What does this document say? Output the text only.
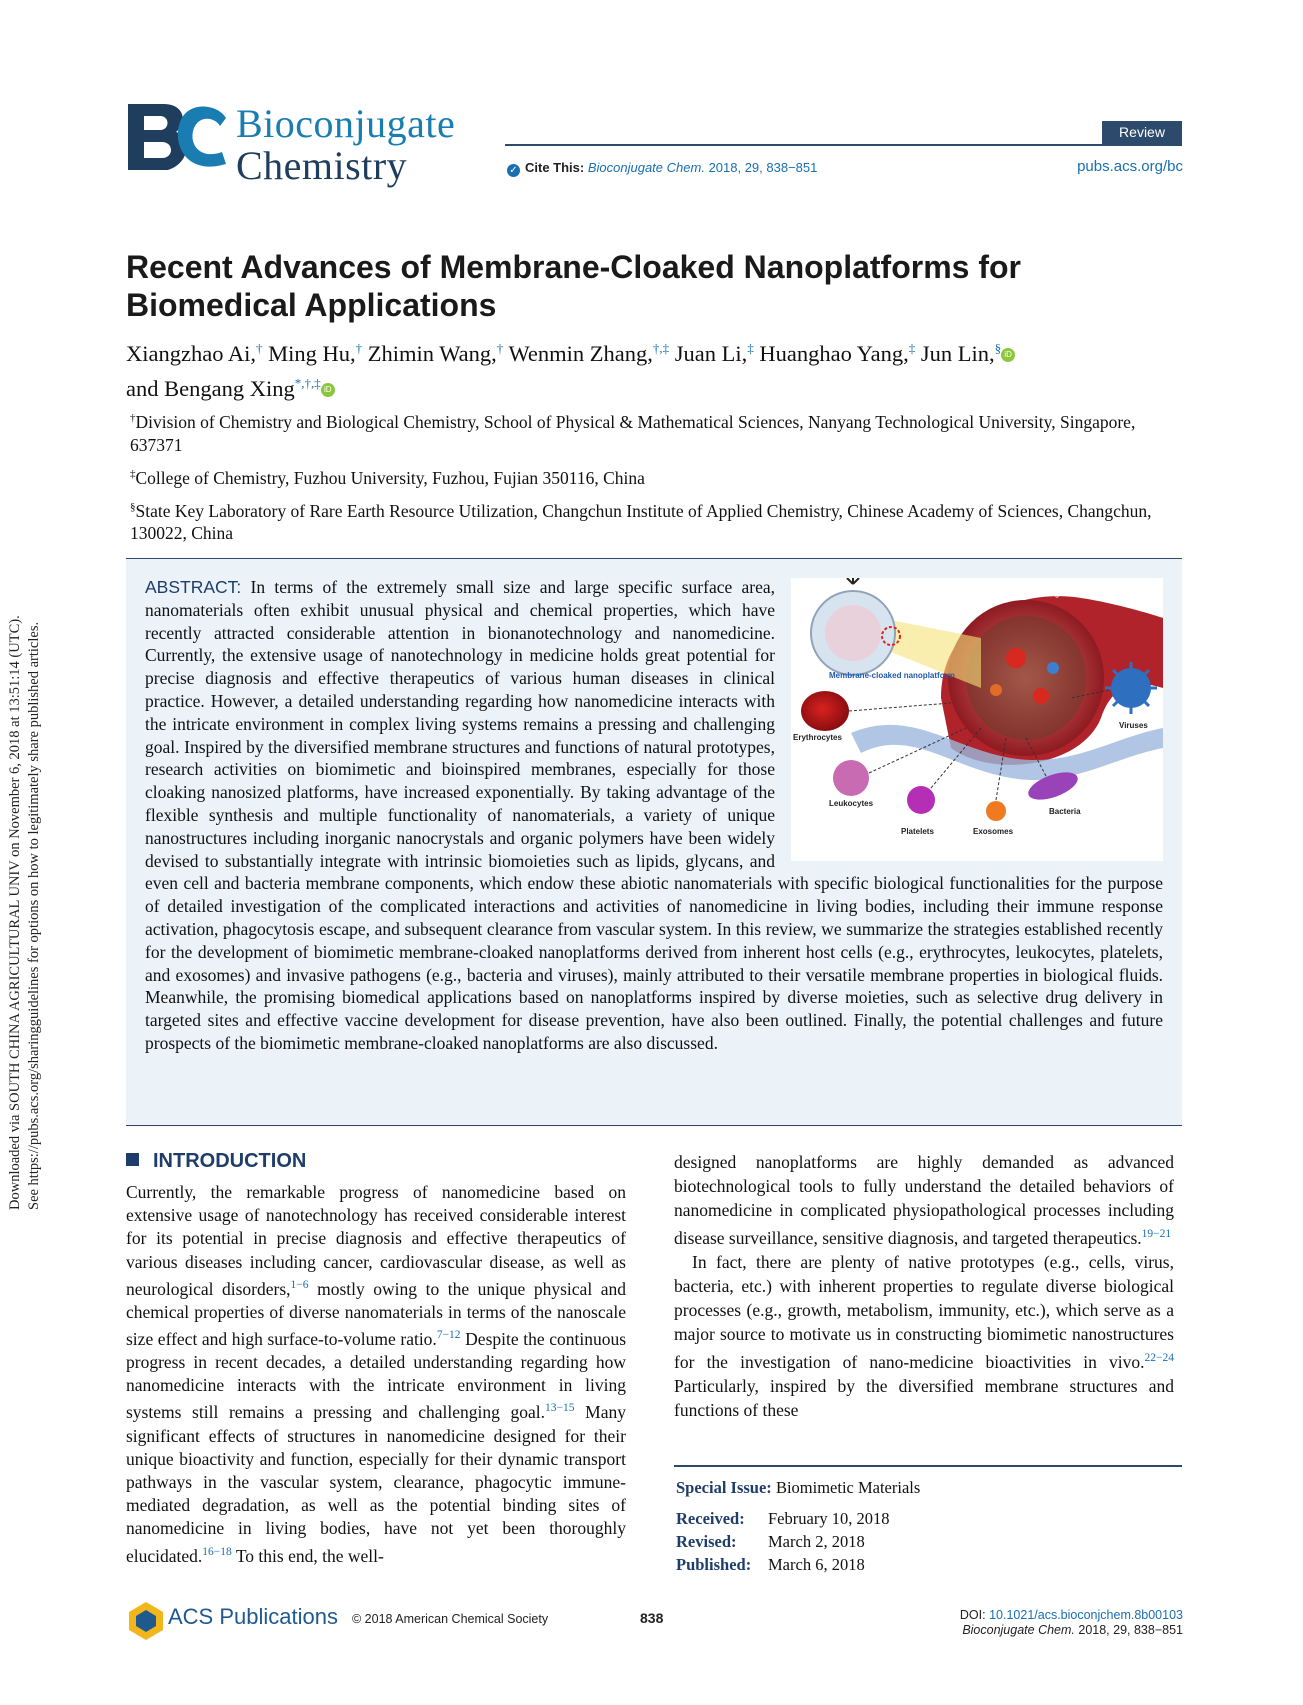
Downloaded via SOUTH CHINA AGRICULTURAL UNIV on November 6, 2018 at 13:51:14 (UTC). See https://pubs.acs.org/sharingguidelines for options on how to legitimately share published articles.
Bioconjugate
Chemistry
Review
✓ Cite This: Bioconjugate Chem. 2018, 29, 838−851	pubs.acs.org/bc
Recent Advances of Membrane-Cloaked Nanoplatforms for
Biomedical Applications
Xiangzhao Ai,† Ming Hu,† Zhimin Wang,† Wenmin Zhang,†,‡ Juan Li,‡ Huanghao Yang,‡ Jun Lin,§ iD
and Bengang Xing*,†,‡ iD
†Division of Chemistry and Biological Chemistry, School of Physical & Mathematical Sciences, Nanyang Technological University, Singapore, 637371
‡College of Chemistry, Fuzhou University, Fuzhou, Fujian 350116, China
§State Key Laboratory of Rare Earth Resource Utilization, Changchun Institute of Applied Chemistry, Chinese Academy of Sciences, Changchun, 130022, China
Membrane-cloaked nanoplatform
Biological fluid
Erythrocytes
Viruses
Leukocytes
Platelets	Exosomes
Bacteria
ABSTRACT: In terms of the extremely small size and large specific surface area, nanomaterials often exhibit unusual physical and chemical properties, which have recently attracted considerable attention in bionanotechnology and nanomedicine. Currently, the extensive usage of nanotechnology in medicine holds great potential for precise diagnosis and effective therapeutics of various human diseases in clinical practice. However, a detailed understanding regarding how nanomedicine interacts with the intricate environment in complex living systems remains a pressing and challenging goal. Inspired by the diversified membrane structures and functions of natural prototypes, research activities on biomimetic and bioinspired membranes, especially for those cloaking nanosized platforms, have increased exponentially. By taking advantage of the flexible synthesis and multiple functionality of nanomaterials, a variety of unique nanostructures including inorganic nanocrystals and organic polymers have been widely devised to substantially integrate with intrinsic biomoieties such as lipids, glycans, and even cell and bacteria membrane components, which endow these abiotic nanomaterials with specific biological functionalities for the purpose of detailed investigation of the complicated interactions and activities of nanomedicine in living bodies, including their immune response activation, phagocytosis escape, and subsequent clearance from vascular system. In this review, we summarize the strategies established recently for the development of biomimetic membrane-cloaked nanoplatforms derived from inherent host cells (e.g., erythrocytes, leukocytes, platelets, and exosomes) and invasive pathogens (e.g., bacteria and viruses), mainly attributed to their versatile membrane properties in biological fluids. Meanwhile, the promising biomedical applications based on nanoplatforms inspired by diverse moieties, such as selective drug delivery in targeted sites and effective vaccine development for disease prevention, have also been outlined. Finally, the potential challenges and future prospects of the biomimetic membrane-cloaked nanoplatforms are also discussed.
INTRODUCTION

Currently, the remarkable progress of nanomedicine based on extensive usage of nanotechnology has received considerable interest for its potential in precise diagnosis and effective therapeutics of various diseases including cancer, cardiovascular disease, as well as neurological disorders,$^{1-6}$ mostly owing to the unique physical and chemical properties of diverse nanomaterials in terms of the nanoscale size effect and high surface-to-volume ratio.$^{7-12}$ Despite the continuous progress in recent decades, a detailed understanding regarding how nanomedicine interacts with the intricate environment in living systems still remains a pressing and challenging goal.$^{13-15}$ Many significant effects of structures in nanomedicine designed for their unique bioactivity and function, especially for their dynamic transport pathways in the vascular system, clearance, phagocytic immune-mediated degradation, as well as the potential binding sites of nanomedicine in living bodies, have not yet been thoroughly elucidated.$^{16-18}$ To this end, the well-

designed nanoplatforms are highly demanded as advanced biotechnological tools to fully understand the detailed behaviors of nanomedicine in complicated physiopathological processes including disease surveillance, sensitive diagnosis, and targeted therapeutics.$^{19-21}$

In fact, there are plenty of native prototypes (e.g., cells, virus, bacteria, etc.) with inherent properties to regulate diverse biological processes (e.g., growth, metabolism, immunity, etc.), which serve as a major source to motivate us in constructing biomimetic nanostructures for the investigation of nano-medicine bioactivities in vivo.$^{22-24}$ Particularly, inspired by the diversified membrane structures and functions of these

Special Issue: Biomimetic Materials
Received: February 10, 2018
Revised: March 2, 2018
Published: March 6, 2018
ACS Publications © 2018 American Chemical Society	838	DOI: 10.1021/acs.bioconjchem.8b00103
Bioconjugate Chem. 2018, 29, 838−851
